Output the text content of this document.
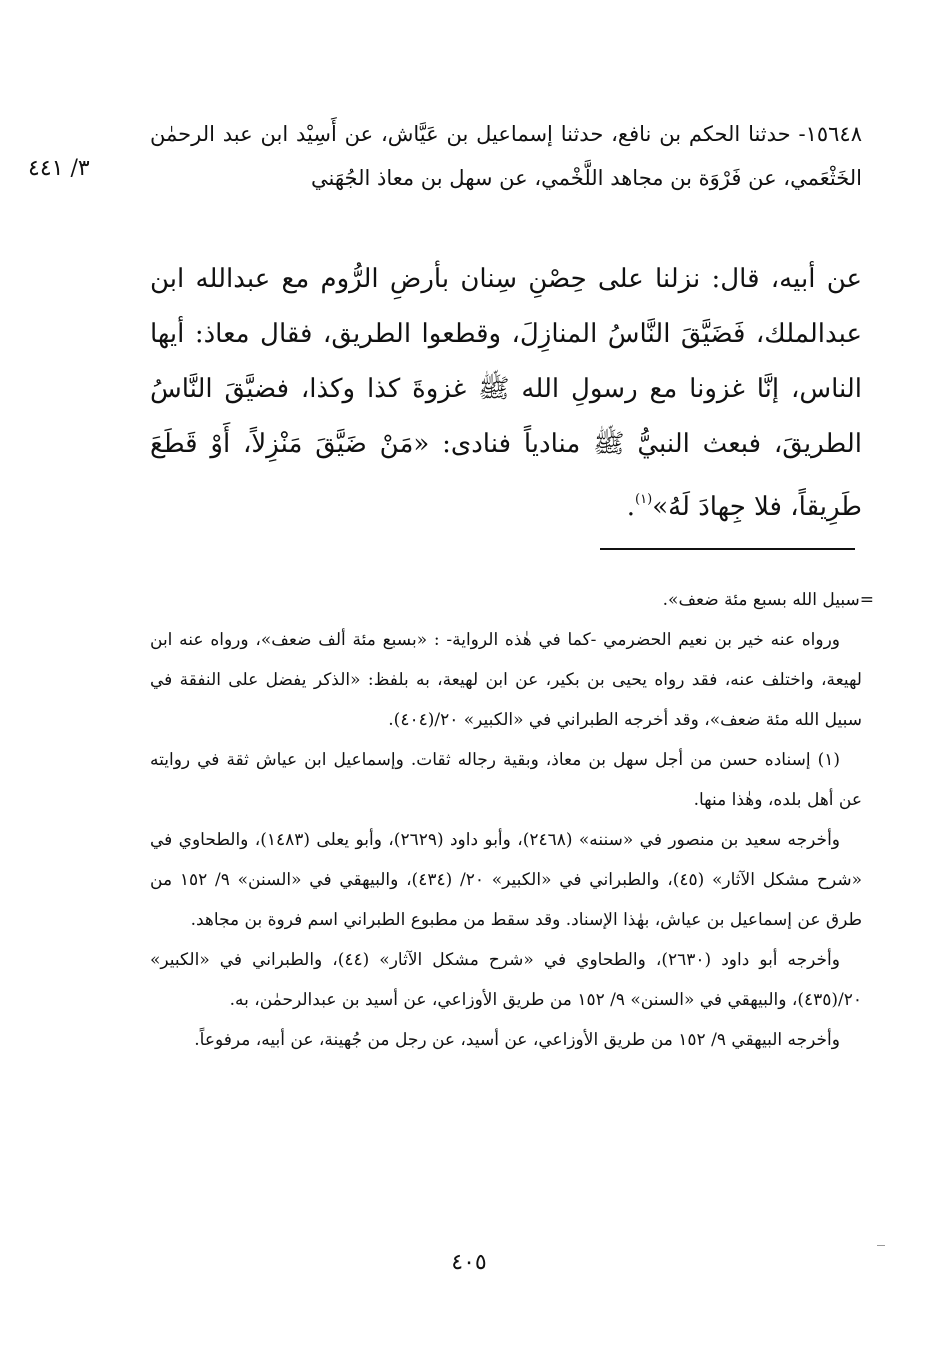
٣/ ٤٤١
١٥٦٤٨- حدثنا الحكم بن نافع، حدثنا إسماعيل بن عَيَّاش، عن أَسِيْد ابن عبد الرحمٰن الخَثْعَمي، عن فَرْوَة بن مجاهد اللَّخْمي، عن سهل بن معاذ الجُهَني
عن أبيه، قال: نزلنا على حِصْنِ سِنان بأرضِ الرُّوم مع عبدالله ابن عبدالملك، فَضَيَّقَ النَّاسُ المنازِلَ، وقطعوا الطريق، فقال معاذ: أيها الناس، إنَّا غزونا مع رسولِ الله ﷺ غزوةَ كذا وكذا، فضيَّقَ النَّاسُ الطريقَ، فبعث النبيُّ ﷺ منادياً فنادى: «مَنْ ضَيَّقَ مَنْزِلاً، أَوْ قَطَعَ طَرِيقاً، فلا جِهادَ لَهُ»$^{(١)}$.

=سبيل الله بسبع مئة ضعف».

ورواه عنه خير بن نعيم الحضرمي -كما في هٰذه الرواية- : «بسبع مئة ألف ضعف»، ورواه عنه ابن لهيعة، واختلف عنه، فقد رواه يحيى بن بكير، عن ابن لهيعة، به بلفظ: «الذكر يفضل على النفقة في سبيل الله مئة ضعف»، وقد أخرجه الطبراني في «الكبير» ٢٠/(٤٠٤).

(١) إسناده حسن من أجل سهل بن معاذ، وبقية رجاله ثقات. وإسماعيل ابن عياش ثقة في روايته عن أهل بلده، وهٰذا منها.

وأخرجه سعيد بن منصور في «سننه» (٢٤٦٨)، وأبو داود (٢٦٢٩)، وأبو يعلى (١٤٨٣)، والطحاوي في «شرح مشكل الآثار» (٤٥)، والطبراني في «الكبير» ٢٠/ (٤٣٤)، والبيهقي في «السنن» ٩/ ١٥٢ من طرق عن إسماعيل بن عياش، بهٰذا الإسناد. وقد سقط من مطبوع الطبراني اسم فروة بن مجاهد.

وأخرجه أبو داود (٢٦٣٠)، والطحاوي في «شرح مشكل الآثار» (٤٤)، والطبراني في «الكبير» ٢٠/(٤٣٥)، والبيهقي في «السنن» ٩/ ١٥٢ من طريق الأوزاعي، عن أسيد بن عبدالرحمٰن، به.

وأخرجه البيهقي ٩/ ١٥٢ من طريق الأوزاعي، عن أسيد، عن رجل من جُهينة، عن أبيه، مرفوعاً.

٤٠٥
